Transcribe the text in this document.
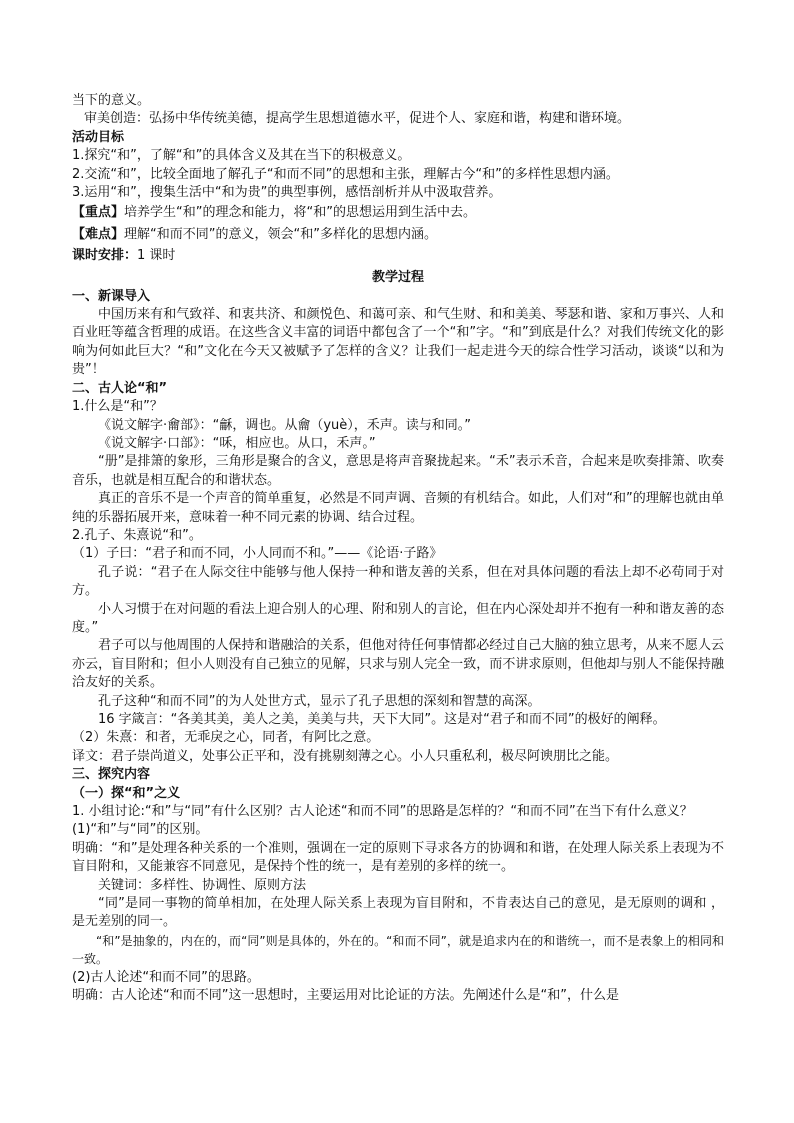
当下的意义。

审美创造：弘扬中华传统美德，提高学生思想道德水平，促进个人、家庭和谐，构建和谐环境。

活动目标

1.探究“和”，了解“和”的具体含义及其在当下的积极意义。

2.交流“和”，比较全面地了解孔子“和而不同”的思想和主张，理解古今“和”的多样性思想内涵。

3.运用“和”，搜集生活中“和为贵”的典型事例，感悟剖析并从中汲取营养。

【重点】培养学生“和”的理念和能力，将“和”的思想运用到生活中去。

【难点】理解“和而不同”的意义，领会“和”多样化的思想内涵。

课时安排：1 课时

教学过程

一、新课导入

中国历来有和气致祥、和衷共济、和颜悦色、和蔼可亲、和气生财、和和美美、琴瑟和谐、家和万事兴、人和百业旺等蕴含哲理的成语。在这些含义丰富的词语中都包含了一个“和”字。“和”到底是什么？对我们传统文化的影响为何如此巨大？“和”文化在今天又被赋予了怎样的含义？让我们一起走进今天的综合性学习活动，谈谈“以和为贵”！

二、古人论“和”

1.什么是“和”？

《说文解字·龠部》：“龢，调也。从龠（yuè），禾声。读与和同。”

《说文解字·口部》：“咊，相应也。从口，禾声。”

“册”是排箫的象形，三角形是聚合的含义，意思是将声音聚拢起来。“禾”表示禾音，合起来是吹奏排箫、吹奏音乐，也就是相互配合的和谐状态。

真正的音乐不是一个声音的简单重复，必然是不同声调、音频的有机结合。如此，人们对“和”的理解也就由单纯的乐器拓展开来，意味着一种不同元素的协调、结合过程。

2.孔子、朱熹说“和”。

（1）子曰：“君子和而不同，小人同而不和。”——《论语·子路》

孔子说：“君子在人际交往中能够与他人保持一种和谐友善的关系，但在对具体问题的看法上却不必苟同于对方。

小人习惯于在对问题的看法上迎合别人的心理、附和别人的言论，但在内心深处却并不抱有一种和谐友善的态度。”

君子可以与他周围的人保持和谐融洽的关系，但他对待任何事情都必经过自己大脑的独立思考，从来不愿人云亦云，盲目附和；但小人则没有自己独立的见解，只求与别人完全一致，而不讲求原则，但他却与别人不能保持融洽友好的关系。

孔子这种“和而不同”的为人处世方式，显示了孔子思想的深刻和智慧的高深。

16 字箴言：“各美其美，美人之美，美美与共，天下大同”。这是对“君子和而不同”的极好的阐释。

（2）朱熹：和者，无乖戾之心，同者，有阿比之意。

译文：君子崇尚道义，处事公正平和，没有挑剔刻薄之心。小人只重私利，极尽阿谀朋比之能。

三、探究内容

（一）探“和”之义

1. 小组讨论:“和”与“同”有什么区别？古人论述“和而不同”的思路是怎样的？“和而不同”在当下有什么意义？

(1)“和”与“同”的区别。

明确：“和”是处理各种关系的一个准则，强调在一定的原则下寻求各方的协调和和谐，在处理人际关系上表现为不盲目附和，又能兼容不同意见，是保持个性的统一，是有差别的多样的统一。

关键词：多样性、协调性、原则方法

“同”是同一事物的简单相加，在处理人际关系上表现为盲目附和，不肯表达自己的意见，是无原则的调和 ，是无差别的同一。

“和”是抽象的，内在的，而“同”则是具体的，外在的。“和而不同”，就是追求内在的和谐统一，而不是表象上的相同和一致。

(2)古人论述“和而不同”的思路。

明确：古人论述“和而不同”这一思想时，主要运用对比论证的方法。先阐述什么是“和”，什么是
